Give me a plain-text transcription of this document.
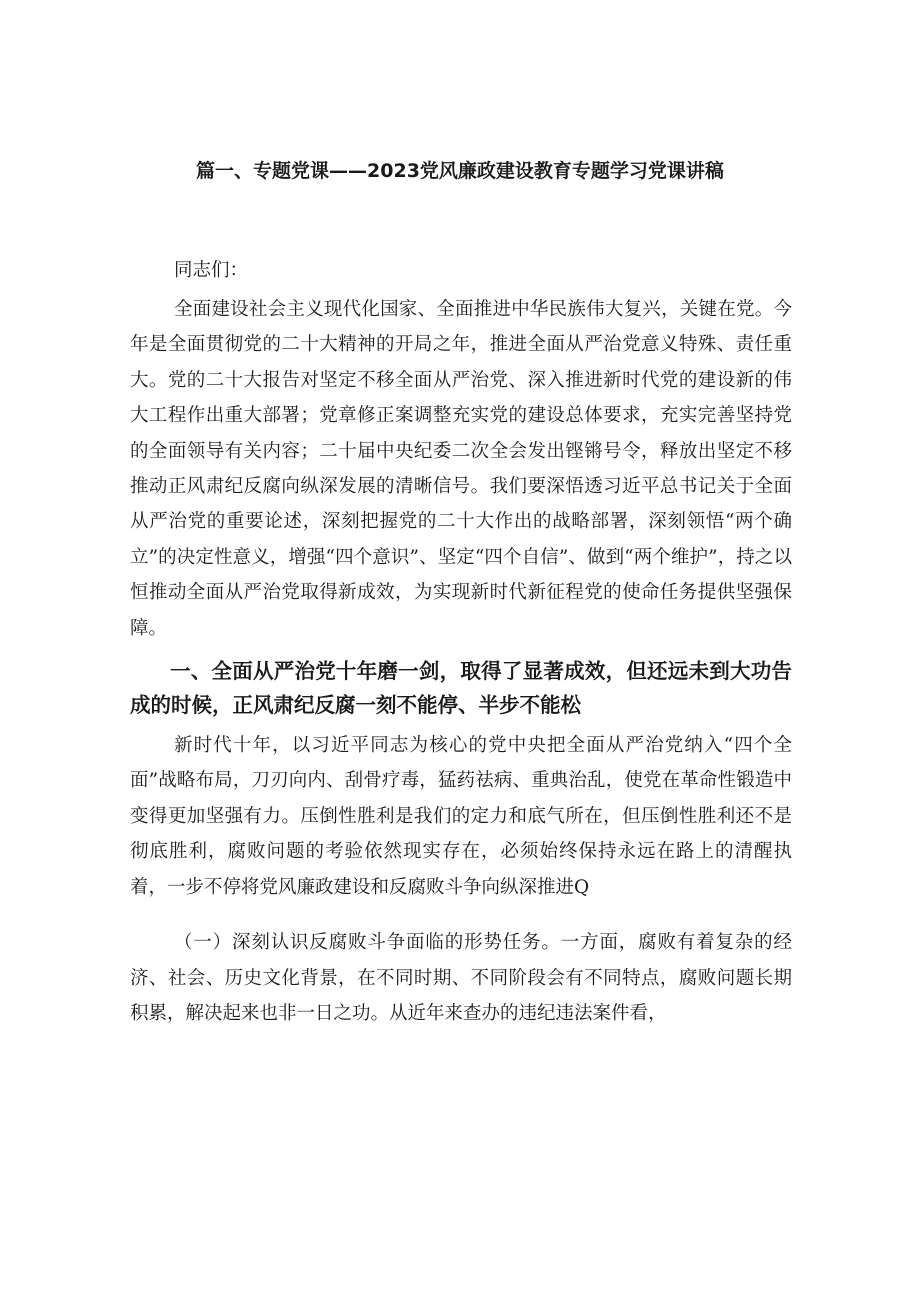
篇一、专题党课——2023党风廉政建设教育专题学习党课讲稿

同志们：

全面建设社会主义现代化国家、全面推进中华民族伟大复兴，关键在党。今年是全面贯彻党的二十大精神的开局之年，推进全面从严治党意义特殊、责任重大。党的二十大报告对坚定不移全面从严治党、深入推进新时代党的建设新的伟大工程作出重大部署；党章修正案调整充实党的建设总体要求，充实完善坚持党的全面领导有关内容；二十届中央纪委二次全会发出铿锵号令，释放出坚定不移推动正风肃纪反腐向纵深发展的清晰信号。我们要深悟透习近平总书记关于全面从严治党的重要论述，深刻把握党的二十大作出的战略部署，深刻领悟“两个确立”的决定性意义，增强“四个意识”、坚定“四个自信”、做到“两个维护”，持之以恒推动全面从严治党取得新成效，为实现新时代新征程党的使命任务提供坚强保障。

一、全面从严治党十年磨一剑，取得了显著成效，但还远未到大功告成的时候，正风肃纪反腐一刻不能停、半步不能松

新时代十年，以习近平同志为核心的党中央把全面从严治党纳入“四个全面”战略布局，刀刃向内、刮骨疗毒，猛药祛病、重典治乱，使党在革命性锻造中变得更加坚强有力。压倒性胜利是我们的定力和底气所在，但压倒性胜利还不是彻底胜利，腐败问题的考验依然现实存在，必须始终保持永远在路上的清醒执着，一步不停将党风廉政建设和反腐败斗争向纵深推进Q

（一）深刻认识反腐败斗争面临的形势任务。一方面，腐败有着复杂的经济、社会、历史文化背景，在不同时期、不同阶段会有不同特点，腐败问题长期积累，解决起来也非一日之功。从近年来查办的违纪违法案件看，
